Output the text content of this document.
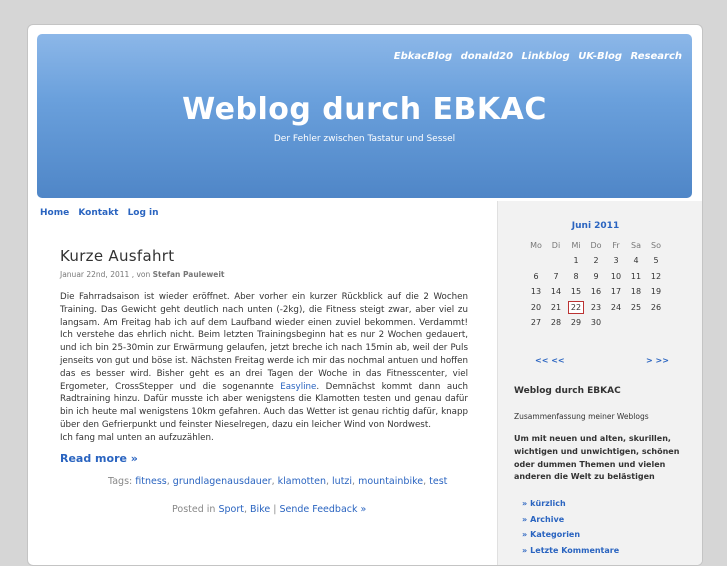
EbkacBlog donald20 Linkblog UK-Blog Research
Weblog durch EBKAC
Der Fehler zwischen Tastatur und Sessel
Home Kontakt Log in
Kurze Ausfahrt
Januar 22nd, 2011 , von Stefan Pauleweit
Die Fahrradsaison ist wieder eröffnet. Aber vorher ein kurzer Rückblick auf die 2 Wochen Training. Das Gewicht geht deutlich nach unten (-2kg), die Fitness steigt zwar, aber viel zu langsam. Am Freitag hab ich auf dem Laufband wieder einen zuviel bekommen. Verdammt! Ich verstehe das ehrlich nicht. Beim letzten Trainingsbeginn hat es nur 2 Wochen gedauert, und ich bin 25-30min zur Erwärmung gelaufen, jetzt breche ich nach 15min ab, weil der Puls jenseits von gut und böse ist. Nächsten Freitag werde ich mir das nochmal antuen und hoffen das es besser wird. Bisher geht es an drei Tagen der Woche in das Fitnesscenter, viel Ergometer, CrossStepper und die sogenannte Easyline. Demnächst kommt dann auch Radtraining hinzu. Dafür musste ich aber wenigstens die Klamotten testen und genau dafür bin ich heute mal wenigstens 10km gefahren. Auch das Wetter ist genau richtig dafür, knapp über den Gefrierpunkt und feinster Nieselregen, dazu ein leicher Wind von Nordwest.
Ich fang mal unten an aufzuzählen.
Read more »
Tags: fitness, grundlagenausdauer, klamotten, lutzi, mountainbike, test
Posted in Sport, Bike | Sende Feedback »
Juni 2011
Mo	Di	Mi	Do	Fr	Sa	So
		1	2	3	4	5
6	7	8	9	10	11	12
13	14	15	16	17	18	19
20	21	22	23	24	25	26
27	28	29	30			
<< <<	> >>
Weblog durch EBKAC
Zusammenfassung meiner Weblogs
Um mit neuen und alten, skurillen, wichtigen und unwichtigen, schönen oder dummen Themen und vielen anderen die Welt zu belästigen
» kürzlich
» Archive
» Kategorien
» Letzte Kommentare
